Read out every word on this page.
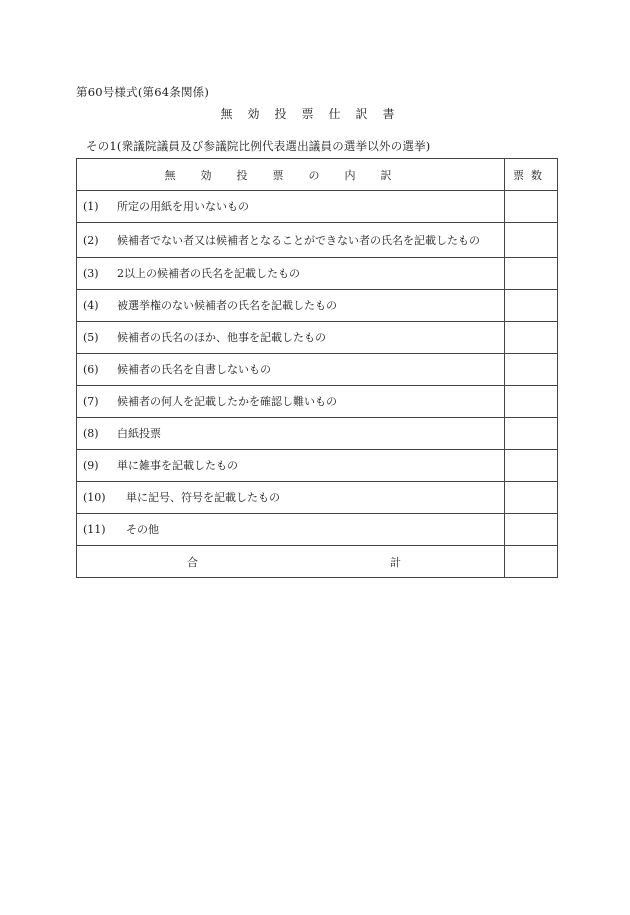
第60号様式(第64条関係)
無効投票仕訳書
その1(衆議院議員及び参議院比例代表選出議員の選挙以外の選挙)
無効投票の内訳	票数
(1)　 所定の用紙を用いないもの	
(2)　 候補者でない者又は候補者となることができない者の氏名を記載したもの	
(3)　 2以上の候補者の氏名を記載したもの	
(4)　 被選挙権のない候補者の氏名を記載したもの	
(5)　 候補者の氏名のほか、他事を記載したもの	
(6)　 候補者の氏名を自書しないもの	
(7)　 候補者の何人を記載したかを確認し難いもの	
(8)　 白紙投票	
(9)　 単に雑事を記載したもの	
(10)　 単に記号、符号を記載したもの	
(11)　 その他	

合 計	
